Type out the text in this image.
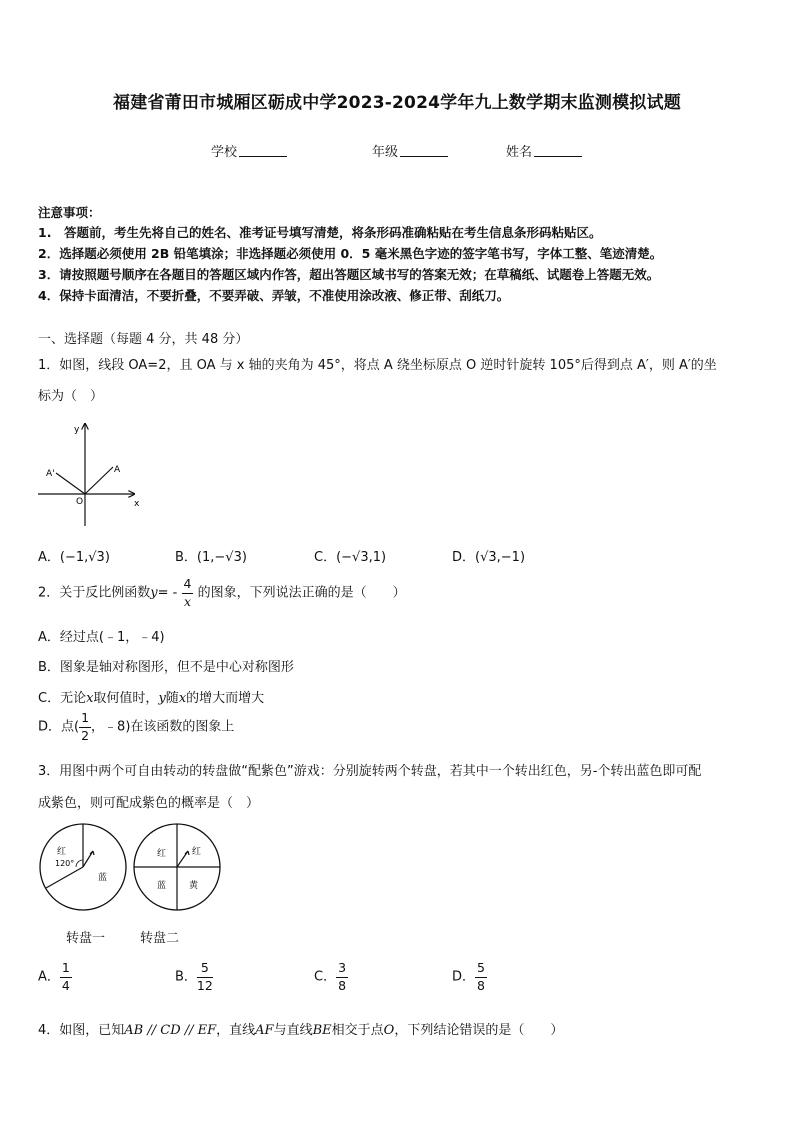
福建省莆田市城厢区砺成中学2023-2024学年九上数学期末监测模拟试题
学校	年级	姓名
注意事项：
1.　答题前，考生先将自己的姓名、准考证号填写清楚，将条形码准确粘贴在考生信息条形码粘贴区。
2．选择题必须使用 2B 铅笔填涂；非选择题必须使用 0．5 毫米黑色字迹的签字笔书写，字体工整、笔迹清楚。
3．请按照题号顺序在各题目的答题区域内作答，超出答题区域书写的答案无效；在草稿纸、试题卷上答题无效。
4．保持卡面清洁，不要折叠，不要弄破、弄皱，不准使用涂改液、修正带、刮纸刀。
一、选择题（每题 4 分，共 48 分）
1．如图，线段 OA=2，且 OA 与 x 轴的夹角为 45°，将点 A 绕坐标原点 O 逆时针旋转 105°后得到点 A′，则 A′的坐
标为（　）
y
x
O
A
A'
A．(−1,√3)	B．(1,−√3)	C．(−√3,1)	D．(√3,−1)
2．关于反比例函数$y= - \frac{4}{x}$ 的图象，下列说法正确的是（　　）
A．经过点(﹣1，﹣4)
B．图象是轴对称图形，但不是中心对称图形
C．无论x取何值时，y随x的增大而增大
D．点( $\frac{1}{2}$ ，﹣8)在该函数的图象上
3．用图中两个可自由转动的转盘做“配紫色”游戏：分别旋转两个转盘，若其中一个转出红色，另-个转出蓝色即可配
成紫色，则可配成紫色的概率是（　）
红
120°
蓝
红	红
蓝	黄
转盘一	转盘二
A． $\frac{1}{4}$	B． $\frac{5}{12}$	C． $\frac{3}{8}$	D． $\frac{5}{8}$
4．如图，已知AB // CD // EF，直线AF与直线BE相交于点O，下列结论错误的是（　　）
